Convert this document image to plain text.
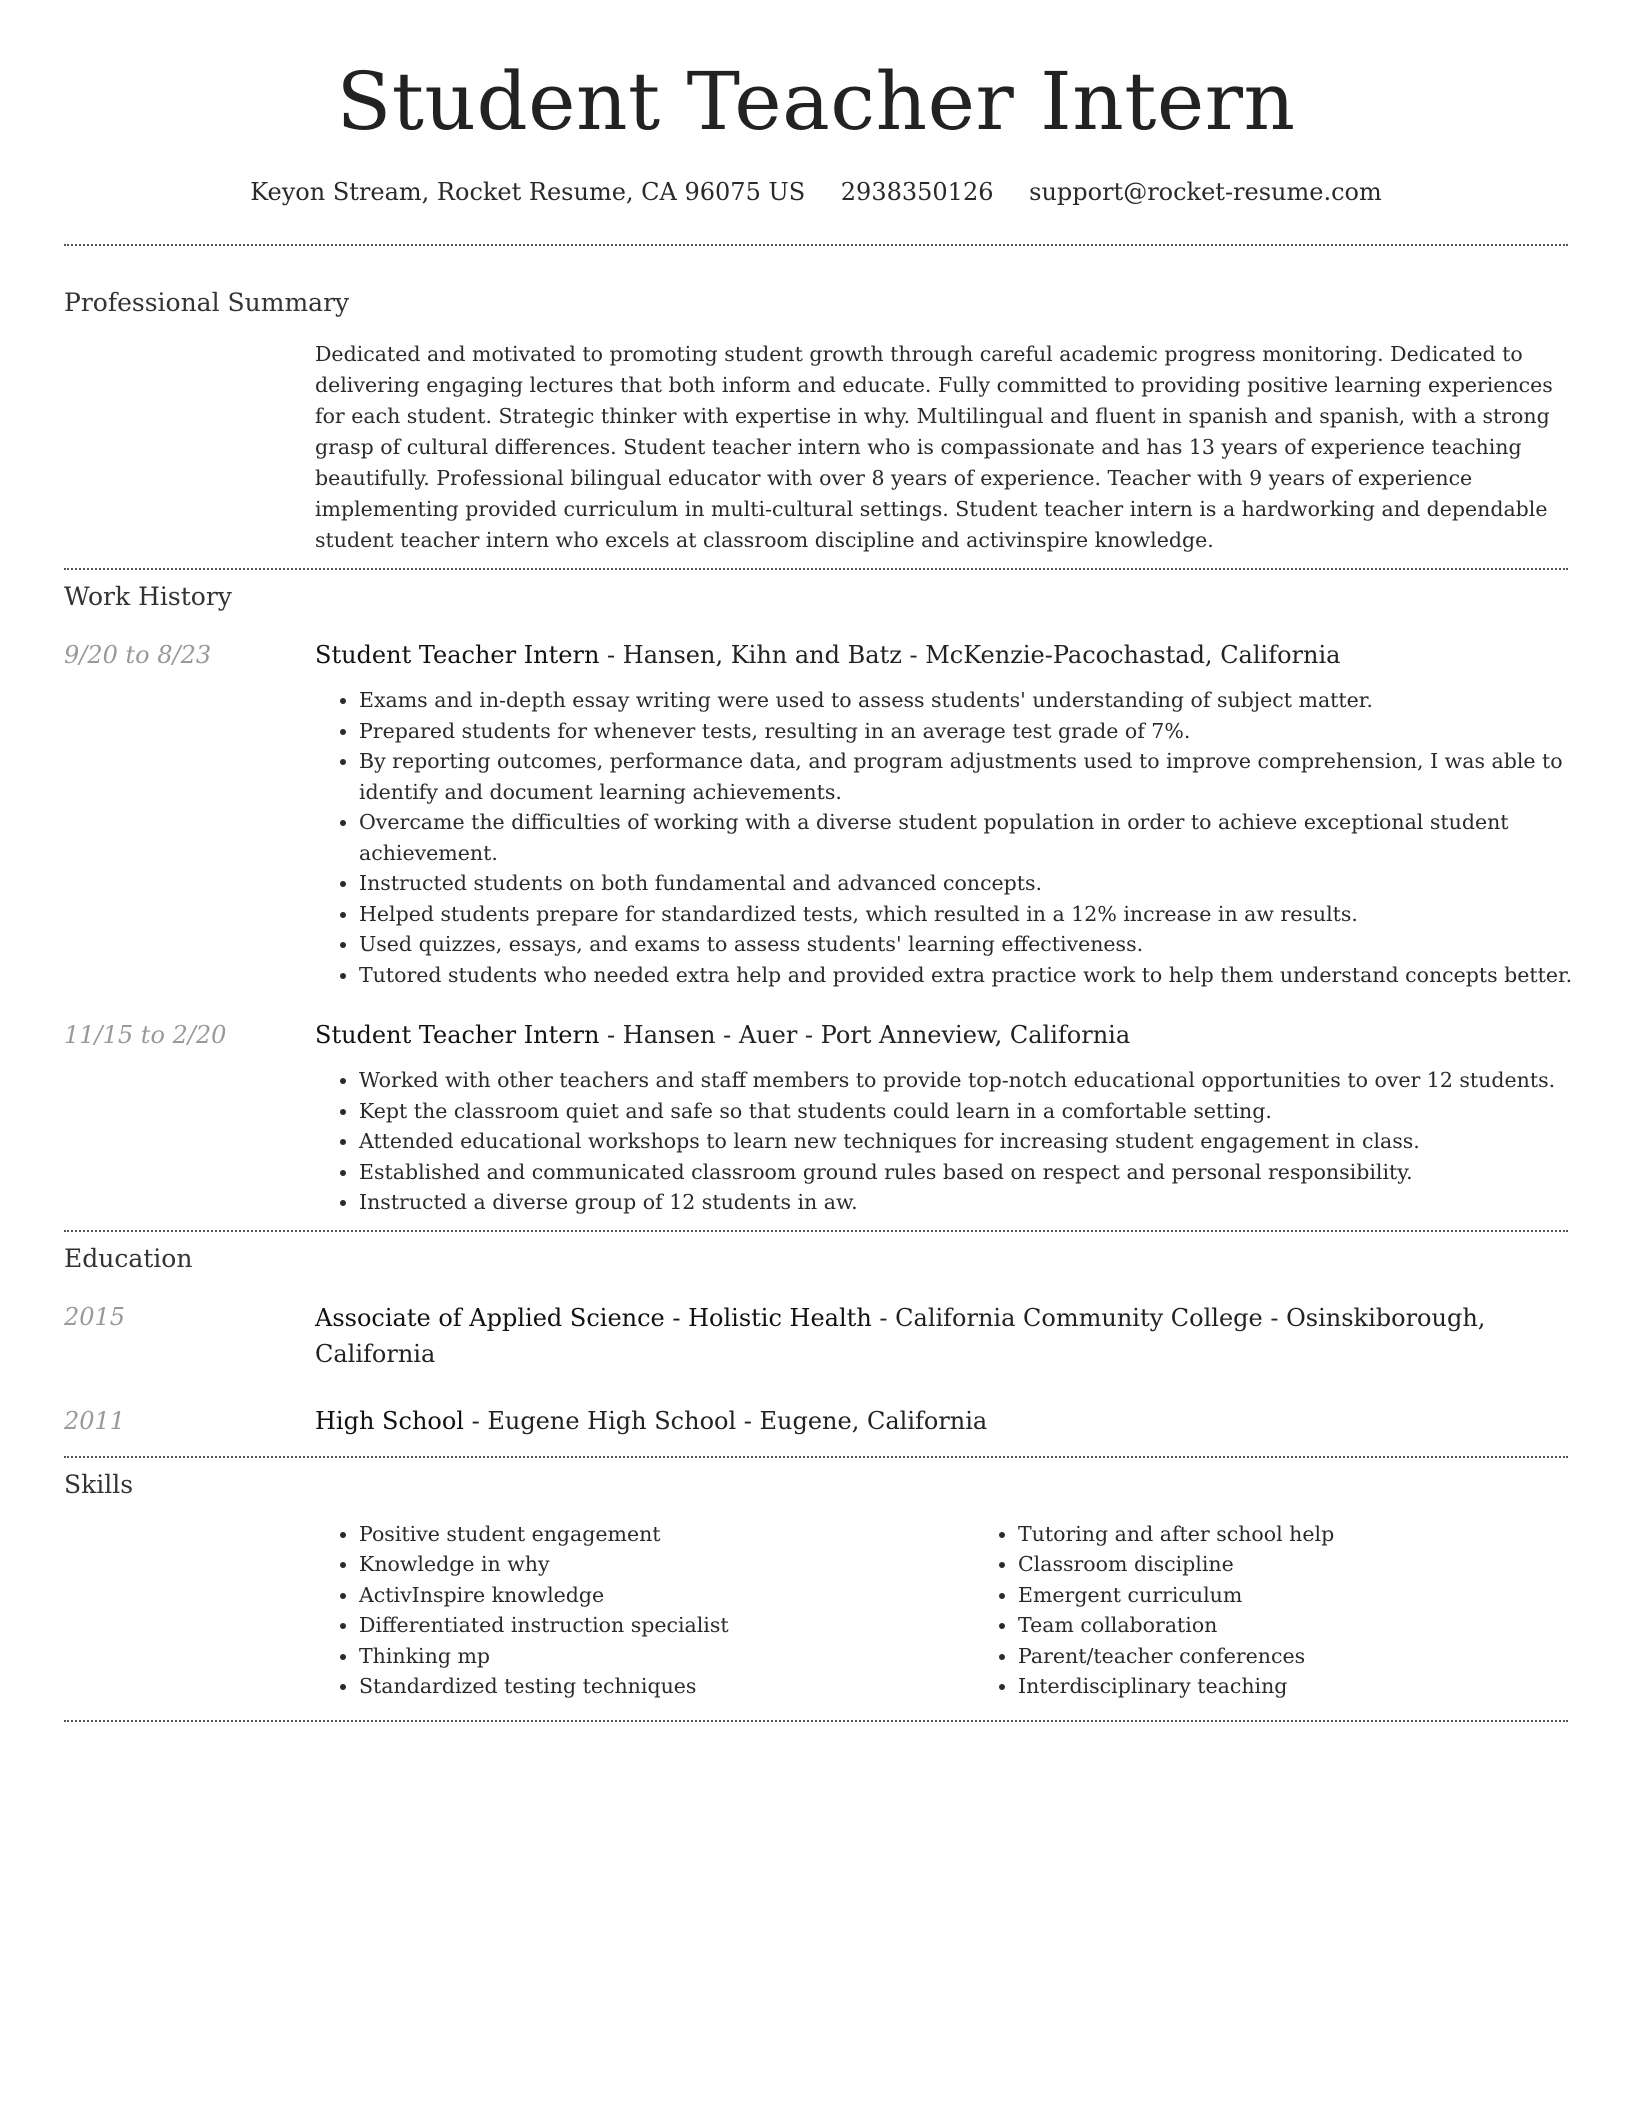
Student Teacher Intern
Keyon Stream, Rocket Resume, CA 96075 US 2938350126 support@rocket-resume.com
Professional Summary
Dedicated and motivated to promoting student growth through careful academic progress monitoring. Dedicated to delivering engaging lectures that both inform and educate. Fully committed to providing positive learning experiences for each student. Strategic thinker with expertise in why. Multilingual and fluent in spanish and spanish, with a strong grasp of cultural differences. Student teacher intern who is compassionate and has 13 years of experience teaching beautifully. Professional bilingual educator with over 8 years of experience. Teacher with 9 years of experience implementing provided curriculum in multi-cultural settings. Student teacher intern is a hardworking and dependable student teacher intern who excels at classroom discipline and activinspire knowledge.
Work History
9/20 to 8/23	Student Teacher Intern - Hansen, Kihn and Batz - McKenzie-Pacochastad, California
• Exams and in-depth essay writing were used to assess students' understanding of subject matter.
• Prepared students for whenever tests, resulting in an average test grade of 7%.
• By reporting outcomes, performance data, and program adjustments used to improve comprehension, I was able to identify and document learning achievements.
• Overcame the difficulties of working with a diverse student population in order to achieve exceptional student achievement.
• Instructed students on both fundamental and advanced concepts.
• Helped students prepare for standardized tests, which resulted in a 12% increase in aw results.
• Used quizzes, essays, and exams to assess students' learning effectiveness.
• Tutored students who needed extra help and provided extra practice work to help them understand concepts better.
11/15 to 2/20	Student Teacher Intern - Hansen - Auer - Port Anneview, California
• Worked with other teachers and staff members to provide top-notch educational opportunities to over 12 students.
• Kept the classroom quiet and safe so that students could learn in a comfortable setting.
• Attended educational workshops to learn new techniques for increasing student engagement in class.
• Established and communicated classroom ground rules based on respect and personal responsibility.
• Instructed a diverse group of 12 students in aw.
Education
2015	Associate of Applied Science - Holistic Health - California Community College - Osinskiborough, California
2011	High School - Eugene High School - Eugene, California
Skills
• Positive student engagement
• Knowledge in why
• ActivInspire knowledge
• Differentiated instruction specialist
• Thinking mp
• Standardized testing techniques
• Tutoring and after school help
• Classroom discipline
• Emergent curriculum
• Team collaboration
• Parent/teacher conferences
• Interdisciplinary teaching
